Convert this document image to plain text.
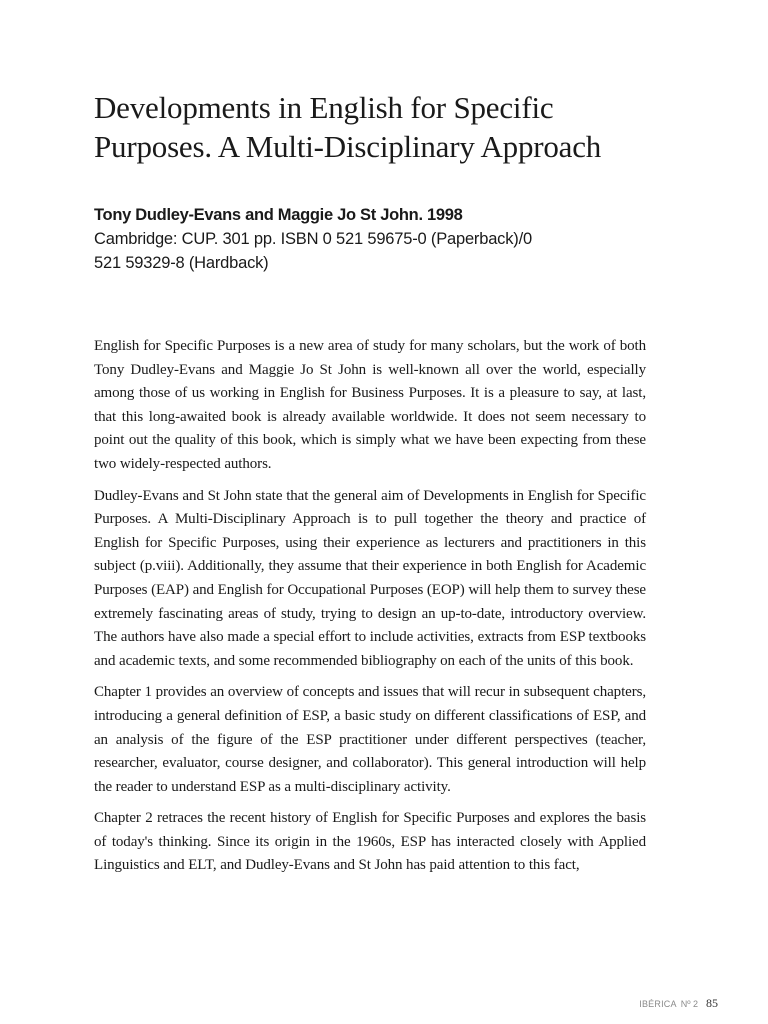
Developments in English for Specific Purposes. A Multi-Disciplinary Approach
Tony Dudley-Evans and Maggie Jo St John. 1998
Cambridge: CUP. 301 pp. ISBN 0 521 59675-0 (Paperback)/0 521 59329-8 (Hardback)

English for Specific Purposes is a new area of study for many scholars, but the work of both Tony Dudley-Evans and Maggie Jo St John is well-known all over the world, especially among those of us working in English for Business Purposes. It is a pleasure to say, at last, that this long-awaited book is already available worldwide. It does not seem necessary to point out the quality of this book, which is simply what we have been expecting from these two widely-respected authors.

Dudley-Evans and St John state that the general aim of Developments in English for Specific Purposes. A Multi-Disciplinary Approach is to pull together the theory and practice of English for Specific Purposes, using their experience as lecturers and practitioners in this subject (p.viii). Additionally, they assume that their experience in both English for Academic Purposes (EAP) and English for Occupational Purposes (EOP) will help them to survey these extremely fascinating areas of study, trying to design an up-to-date, introductory overview. The authors have also made a special effort to include activities, extracts from ESP textbooks and academic texts, and some recommended bibliography on each of the units of this book.

Chapter 1 provides an overview of concepts and issues that will recur in subsequent chapters, introducing a general definition of ESP, a basic study on different classifications of ESP, and an analysis of the figure of the ESP practitioner under different perspectives (teacher, researcher, evaluator, course designer, and collaborator). This general introduction will help the reader to understand ESP as a multi-disciplinary activity.

Chapter 2 retraces the recent history of English for Specific Purposes and explores the basis of today's thinking. Since its origin in the 1960s, ESP has interacted closely with Applied Linguistics and ELT, and Dudley-Evans and St John has paid attention to this fact,

IBÉRICA Nº 2 85
